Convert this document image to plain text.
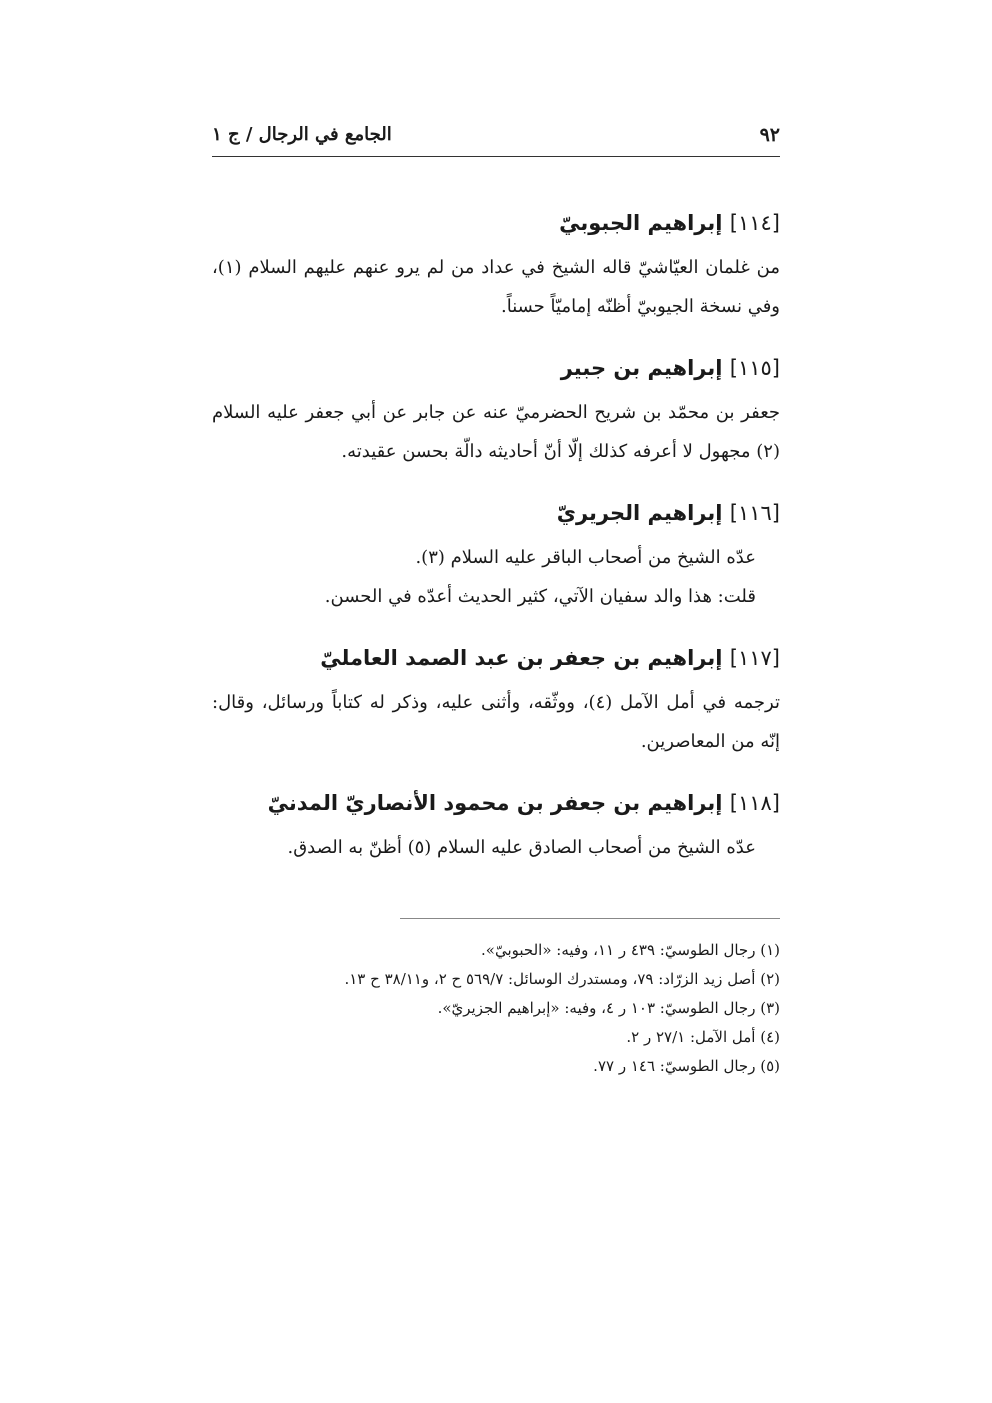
٩٢
الجامع في الرجال / ج ١
[١١٤] إبراهيم الجبوبيّ

من غلمان العيّاشيّ قاله الشيخ في عداد من لم يرو عنهم عليهم السلام (١)، وفي نسخة الجيوبيّ أظنّه إماميّاً حسناً.

[١١٥] إبراهيم بن جبير

جعفر بن محمّد بن شريح الحضرميّ عنه عن جابر عن أبي جعفر عليه السلام (٢) مجهول لا أعرفه كذلك إلّا أنّ أحاديثه دالّة بحسن عقيدته.

[١١٦] إبراهيم الجريريّ

عدّه الشيخ من أصحاب الباقر عليه السلام (٣).

قلت: هذا والد سفيان الآتي، كثير الحديث أعدّه في الحسن.

[١١٧] إبراهيم بن جعفر بن عبد الصمد العامليّ

ترجمه في أمل الآمل (٤)، ووثّقه، وأثنى عليه، وذكر له كتاباً ورسائل، وقال: إنّه من المعاصرين.

[١١٨] إبراهيم بن جعفر بن محمود الأنصاريّ المدنيّ

عدّه الشيخ من أصحاب الصادق عليه السلام (٥) أظنّ به الصدق.

(١) رجال الطوسيّ: ٤٣٩ ر ١١، وفيه: «الحبوبيّ».

(٢) أصل زيد الزرّاد: ٧٩، ومستدرك الوسائل: ٥٦٩/٧ ح ٢، و٣٨/١١ ح ١٣.

(٣) رجال الطوسيّ: ١٠٣ ر ٤، وفيه: «إبراهيم الجزيريّ».

(٤) أمل الآمل: ٢٧/١ ر ٢.

(٥) رجال الطوسيّ: ١٤٦ ر ٧٧.
